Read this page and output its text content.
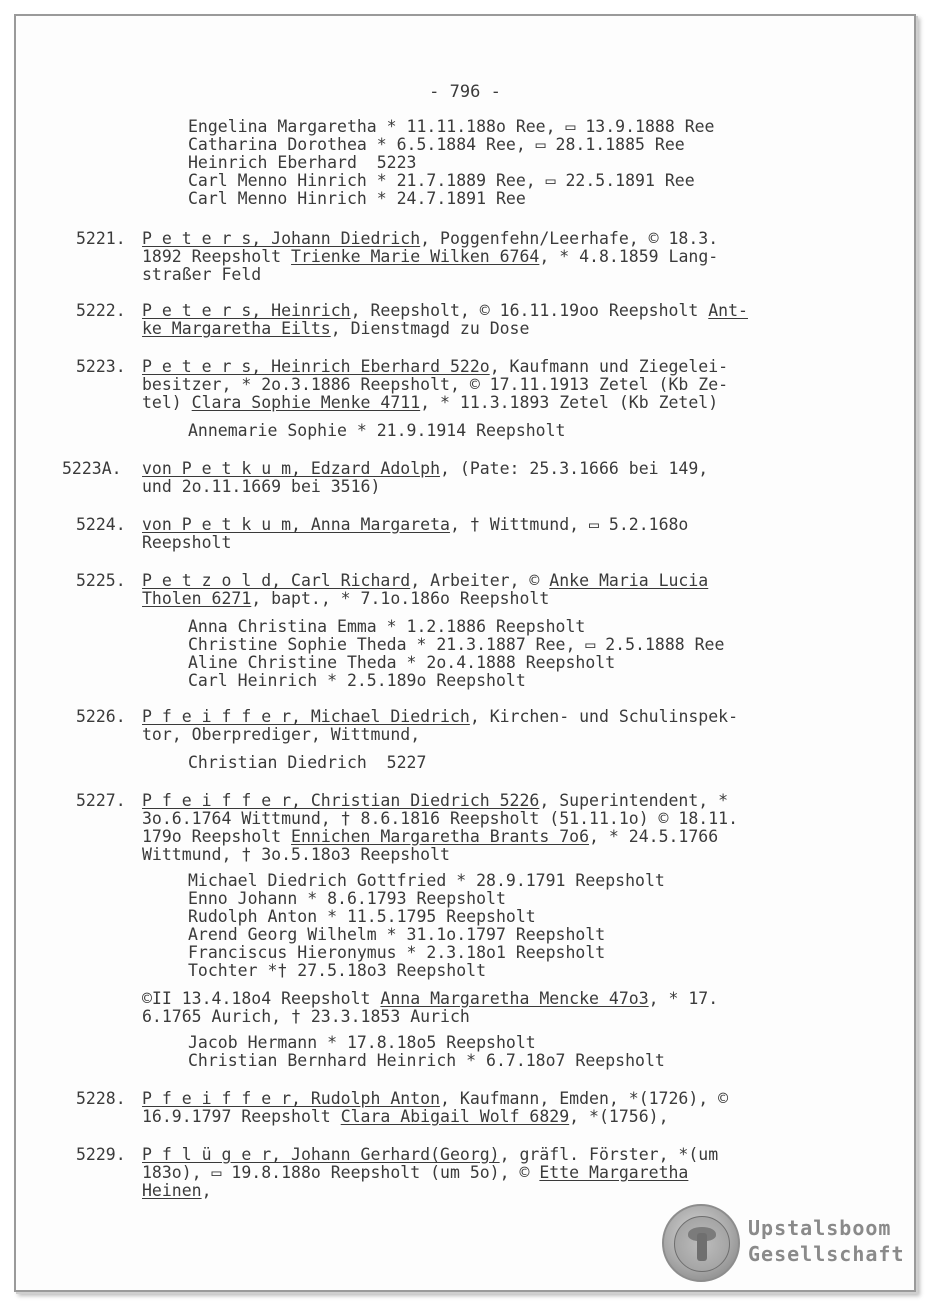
- 796 -
Engelina Margaretha * 11.11.188o Ree, ▭ 13.9.1888 Ree
Catharina Dorothea * 6.5.1884 Ree, ▭ 28.1.1885 Ree
Heinrich Eberhard  5223
Carl Menno Hinrich * 21.7.1889 Ree, ▭ 22.5.1891 Ree
Carl Menno Hinrich * 24.7.1891 Ree
5221. P e t e r s, Johann Diedrich, Poggenfehn/Leerhafe, © 18.3.
1892 Reepsholt Trienke Marie Wilken 6764, * 4.8.1859 Lang-
straßer Feld
5222. P e t e r s, Heinrich, Reepsholt, © 16.11.19oo Reepsholt Ant-
ke Margaretha Eilts, Dienstmagd zu Dose
5223. P e t e r s, Heinrich Eberhard 522o, Kaufmann und Ziegelei-
besitzer, * 2o.3.1886 Reepsholt, © 17.11.1913 Zetel (Kb Ze-
tel) Clara Sophie Menke 4711, * 11.3.1893 Zetel (Kb Zetel)
Annemarie Sophie * 21.9.1914 Reepsholt
5223A. von P e t k u m, Edzard Adolph, (Pate: 25.3.1666 bei 149,
und 2o.11.1669 bei 3516)
5224. von P e t k u m, Anna Margareta, † Wittmund, ▭ 5.2.168o
Reepsholt
5225. P e t z o l d, Carl Richard, Arbeiter, © Anke Maria Lucia
Tholen 6271, bapt., * 7.1o.186o Reepsholt
Anna Christina Emma * 1.2.1886 Reepsholt
Christine Sophie Theda * 21.3.1887 Ree, ▭ 2.5.1888 Ree
Aline Christine Theda * 2o.4.1888 Reepsholt
Carl Heinrich * 2.5.189o Reepsholt
5226. P f e i f f e r, Michael Diedrich, Kirchen- und Schulinspek-
tor, Oberprediger, Wittmund,
Christian Diedrich  5227
5227. P f e i f f e r, Christian Diedrich 5226, Superintendent, *
3o.6.1764 Wittmund, † 8.6.1816 Reepsholt (51.11.1o) © 18.11.
179o Reepsholt Ennichen Margaretha Brants 7o6, * 24.5.1766
Wittmund, † 3o.5.18o3 Reepsholt
Michael Diedrich Gottfried * 28.9.1791 Reepsholt
Enno Johann * 8.6.1793 Reepsholt
Rudolph Anton * 11.5.1795 Reepsholt
Arend Georg Wilhelm * 31.1o.1797 Reepsholt
Franciscus Hieronymus * 2.3.18o1 Reepsholt
Tochter *† 27.5.18o3 Reepsholt
©II 13.4.18o4 Reepsholt Anna Margaretha Mencke 47o3, * 17.
6.1765 Aurich, † 23.3.1853 Aurich
Jacob Hermann * 17.8.18o5 Reepsholt
Christian Bernhard Heinrich * 6.7.18o7 Reepsholt
5228. P f e i f f e r, Rudolph Anton, Kaufmann, Emden, *(1726), ©
16.9.1797 Reepsholt Clara Abigail Wolf 6829, *(1756),
5229. P f l ü g e r, Johann Gerhard(Georg), gräfl. Förster, *(um
183o), ▭ 19.8.188o Reepsholt (um 5o), © Ette Margaretha
Heinen,
Upstalsboom
Gesellschaft
